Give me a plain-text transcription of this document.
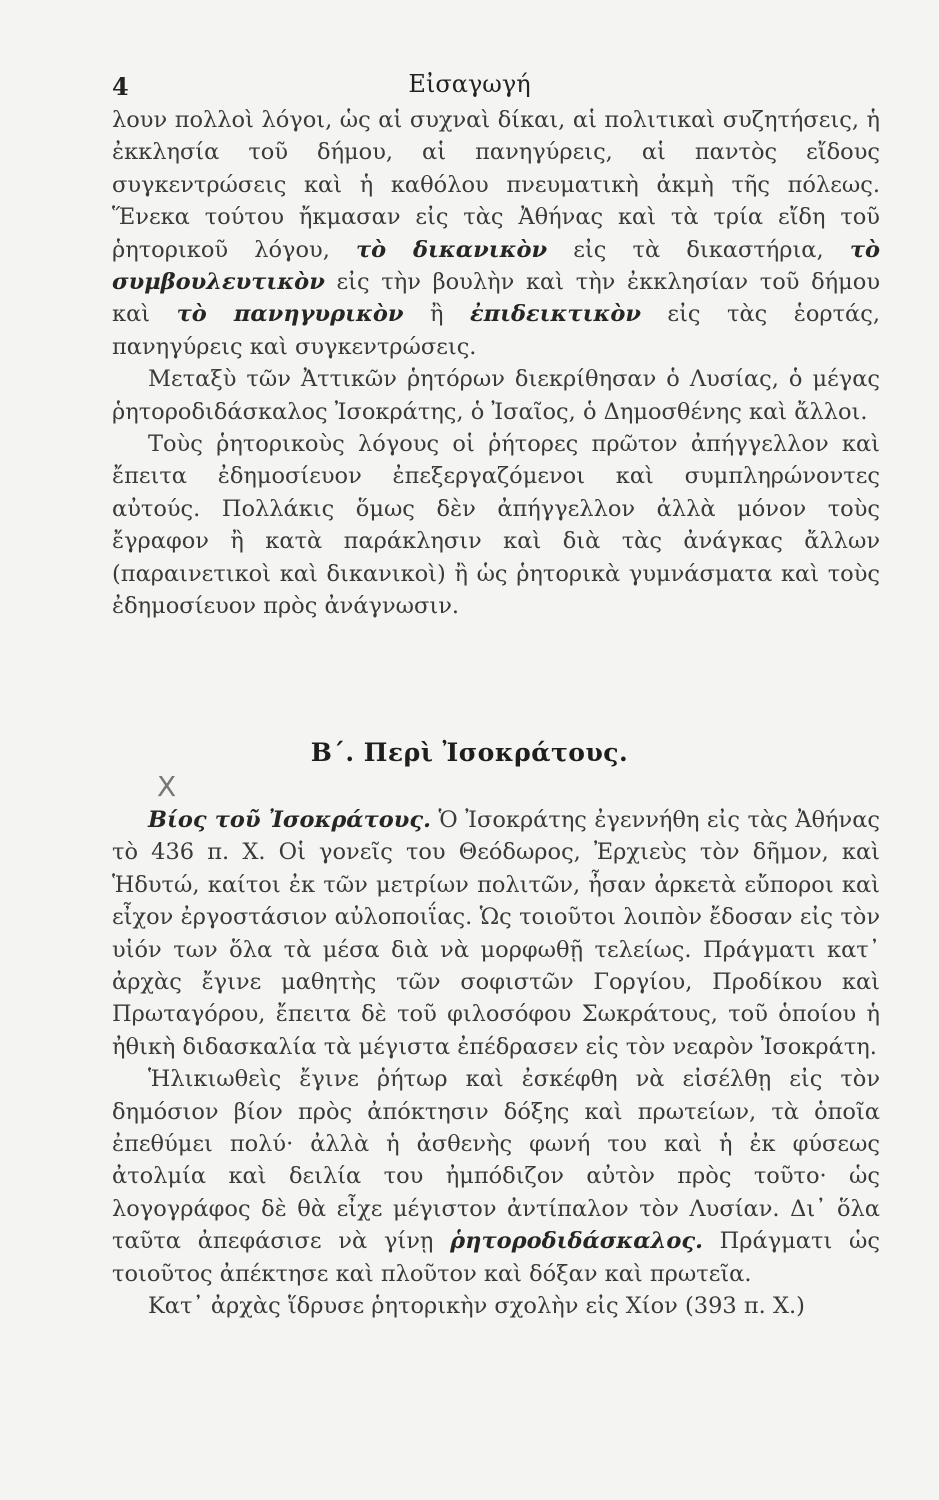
4	Εἰσαγωγή

λουν πολλοὶ λόγοι, ὡς αἱ συχναὶ δίκαι, αἱ πολιτικαὶ συζητήσεις, ἡ ἐκκλησία τοῦ δήμου, αἱ πανηγύρεις, αἱ παντὸς εἴδους συγκεντρώσεις καὶ ἡ καθόλου πνευματικὴ ἀκμὴ τῆς πόλεως. Ἕνεκα τούτου ἤκμασαν εἰς τὰς Ἀθήνας καὶ τὰ τρία εἴδη τοῦ ῥητορικοῦ λόγου, τὸ δικανικὸν εἰς τὰ δικαστήρια, τὸ συμβουλευτικὸν εἰς τὴν βουλὴν καὶ τὴν ἐκκλησίαν τοῦ δήμου καὶ τὸ πανηγυρικὸν ἢ ἐπιδεικτικὸν εἰς τὰς ἑορτάς, πανηγύρεις καὶ συγκεντρώσεις.

Μεταξὺ τῶν Ἀττικῶν ῥητόρων διεκρίθησαν ὁ Λυσίας, ὁ μέγας ῥητοροδιδάσκαλος Ἰσοκράτης, ὁ Ἰσαῖος, ὁ Δημοσθένης καὶ ἄλλοι.

Τοὺς ῥητορικοὺς λόγους οἱ ῥήτορες πρῶτον ἀπήγγελλον καὶ ἔπειτα ἐδημοσίευον ἐπεξεργαζόμενοι καὶ συμπληρώνοντες αὐτούς. Πολλάκις ὅμως δὲν ἀπήγγελλον ἀλλὰ μόνον τοὺς ἔγραφον ἢ κατὰ παράκλησιν καὶ διὰ τὰς ἀνάγκας ἄλλων (παραινετικοὶ καὶ δικανικοὶ) ἢ ὡς ῥητορικὰ γυμνάσματα καὶ τοὺς ἐδημοσίευον πρὸς ἀνάγνωσιν.

Β΄. Περὶ Ἰσοκράτους.
X

Βίος τοῦ Ἰσοκράτους. Ὁ Ἰσοκράτης ἐγεννήθη εἰς τὰς Ἀθήνας τὸ 436 π. Χ. Οἱ γονεῖς του Θεόδωρος, Ἐρχιεὺς τὸν δῆμον, καὶ Ἡδυτώ, καίτοι ἐκ τῶν μετρίων πολιτῶν, ἦσαν ἀρκετὰ εὔποροι καὶ εἶχον ἐργοστάσιον αὐλοποιΐας. Ὡς τοιοῦτοι λοιπὸν ἔδοσαν εἰς τὸν υἱόν των ὅλα τὰ μέσα διὰ νὰ μορφωθῇ τελείως. Πράγματι κατ᾽ ἀρχὰς ἔγινε μαθητὴς τῶν σοφιστῶν Γοργίου, Προδίκου καὶ Πρωταγόρου, ἔπειτα δὲ τοῦ φιλοσόφου Σωκράτους, τοῦ ὁποίου ἡ ἠθικὴ διδασκαλία τὰ μέγιστα ἐπέδρασεν εἰς τὸν νεαρὸν Ἰσοκράτη.

Ἡλικιωθεὶς ἔγινε ῥήτωρ καὶ ἐσκέφθη νὰ εἰσέλθῃ εἰς τὸν δημόσιον βίον πρὸς ἀπόκτησιν δόξης καὶ πρωτείων, τὰ ὁποῖα ἐπεθύμει πολύ· ἀλλὰ ἡ ἀσθενὴς φωνή του καὶ ἡ ἐκ φύσεως ἀτολμία καὶ δειλία του ἠμπόδιζον αὐτὸν πρὸς τοῦτο· ὡς λογογράφος δὲ θὰ εἶχε μέγιστον ἀντίπαλον τὸν Λυσίαν. Δι᾽ ὅλα ταῦτα ἀπεφάσισε νὰ γίνῃ ῥητοροδιδάσκαλος. Πράγματι ὡς τοιοῦτος ἀπέκτησε καὶ πλοῦτον καὶ δόξαν καὶ πρωτεῖα.

Κατ᾽ ἀρχὰς ἵδρυσε ῥητορικὴν σχολὴν εἰς Χίον (393 π. Χ.)
